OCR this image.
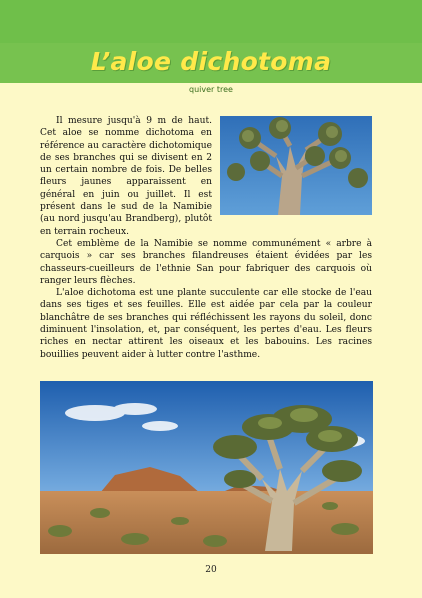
L’aloe dichotoma
quiver tree

Il mesure jusqu'à 9 m de haut. Cet aloe se nomme dichotoma en référence au caractère dichotomique de ses branches qui se divisent en 2 un certain nombre de fois. De belles fleurs jaunes apparaissent en général en juin ou juillet. Il est présent dans le sud de la Namibie (au nord jusqu'au Brandberg), plutôt en terrain rocheux.

Cet emblème de la Namibie se nomme communément « arbre à carquois » car ses branches filandreuses étaient évidées par les chasseurs-cueilleurs de l'ethnie San pour fabriquer des carquois où ranger leurs flèches.

L'aloe dichotoma est une plante succulente car elle stocke de l'eau dans ses tiges et ses feuilles. Elle est aidée par cela par la couleur blanchâtre de ses branches qui réfléchissent les rayons du soleil, donc diminuent l'insolation, et, par conséquent, les pertes d'eau. Les fleurs riches en nectar attirent les oiseaux et les babouins. Les racines bouillies peuvent aider à lutter contre l'asthme.

20
